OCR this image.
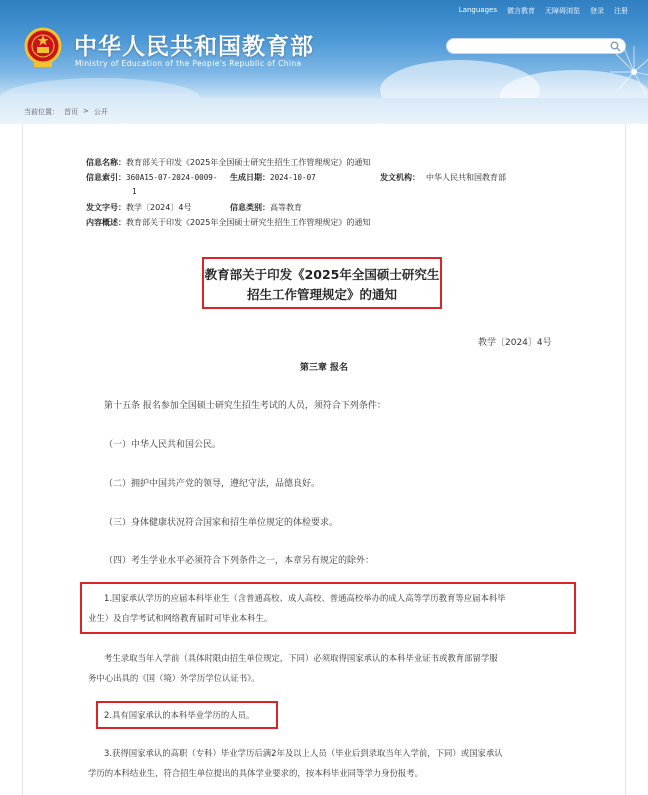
Languages 微言教育 无障碍浏览 登录 注册
中华人民共和国教育部
Ministry of Education of the People's Republic of China
当前位置： 首页 > 公开
信息名称：教育部关于印发《2025年全国硕士研究生招生工作管理规定》的通知
信息索引：360A15-07-2024-0009- 生成日期：2024-10-07	发文机构： 中华人民共和国教育部
1
发文字号：教学〔2024〕4号	信息类别：高等教育
内容概述：教育部关于印发《2025年全国硕士研究生招生工作管理规定》的通知
教育部关于印发《2025年全国硕士研究生
招生工作管理规定》的通知
教学〔2024〕4号
第三章 报名
第十五条 报名参加全国硕士研究生招生考试的人员，须符合下列条件：
（一）中华人民共和国公民。
（二）拥护中国共产党的领导，遵纪守法，品德良好。
（三）身体健康状况符合国家和招生单位规定的体检要求。
（四）考生学业水平必须符合下列条件之一，本章另有规定的除外：
1.国家承认学历的应届本科毕业生（含普通高校、成人高校、普通高校举办的成人高等学历教育等应届本科毕
业生）及自学考试和网络教育届时可毕业本科生。
考生录取当年入学前（具体时限由招生单位规定，下同）必须取得国家承认的本科毕业证书或教育部留学服
务中心出具的《国（境）外学历学位认证书》。
2.具有国家承认的本科毕业学历的人员。
3.获得国家承认的高职（专科）毕业学历后满2年及以上人员（毕业后到录取当年入学前，下同）或国家承认
学历的本科结业生，符合招生单位提出的具体学业要求的，按本科毕业同等学力身份报考。
